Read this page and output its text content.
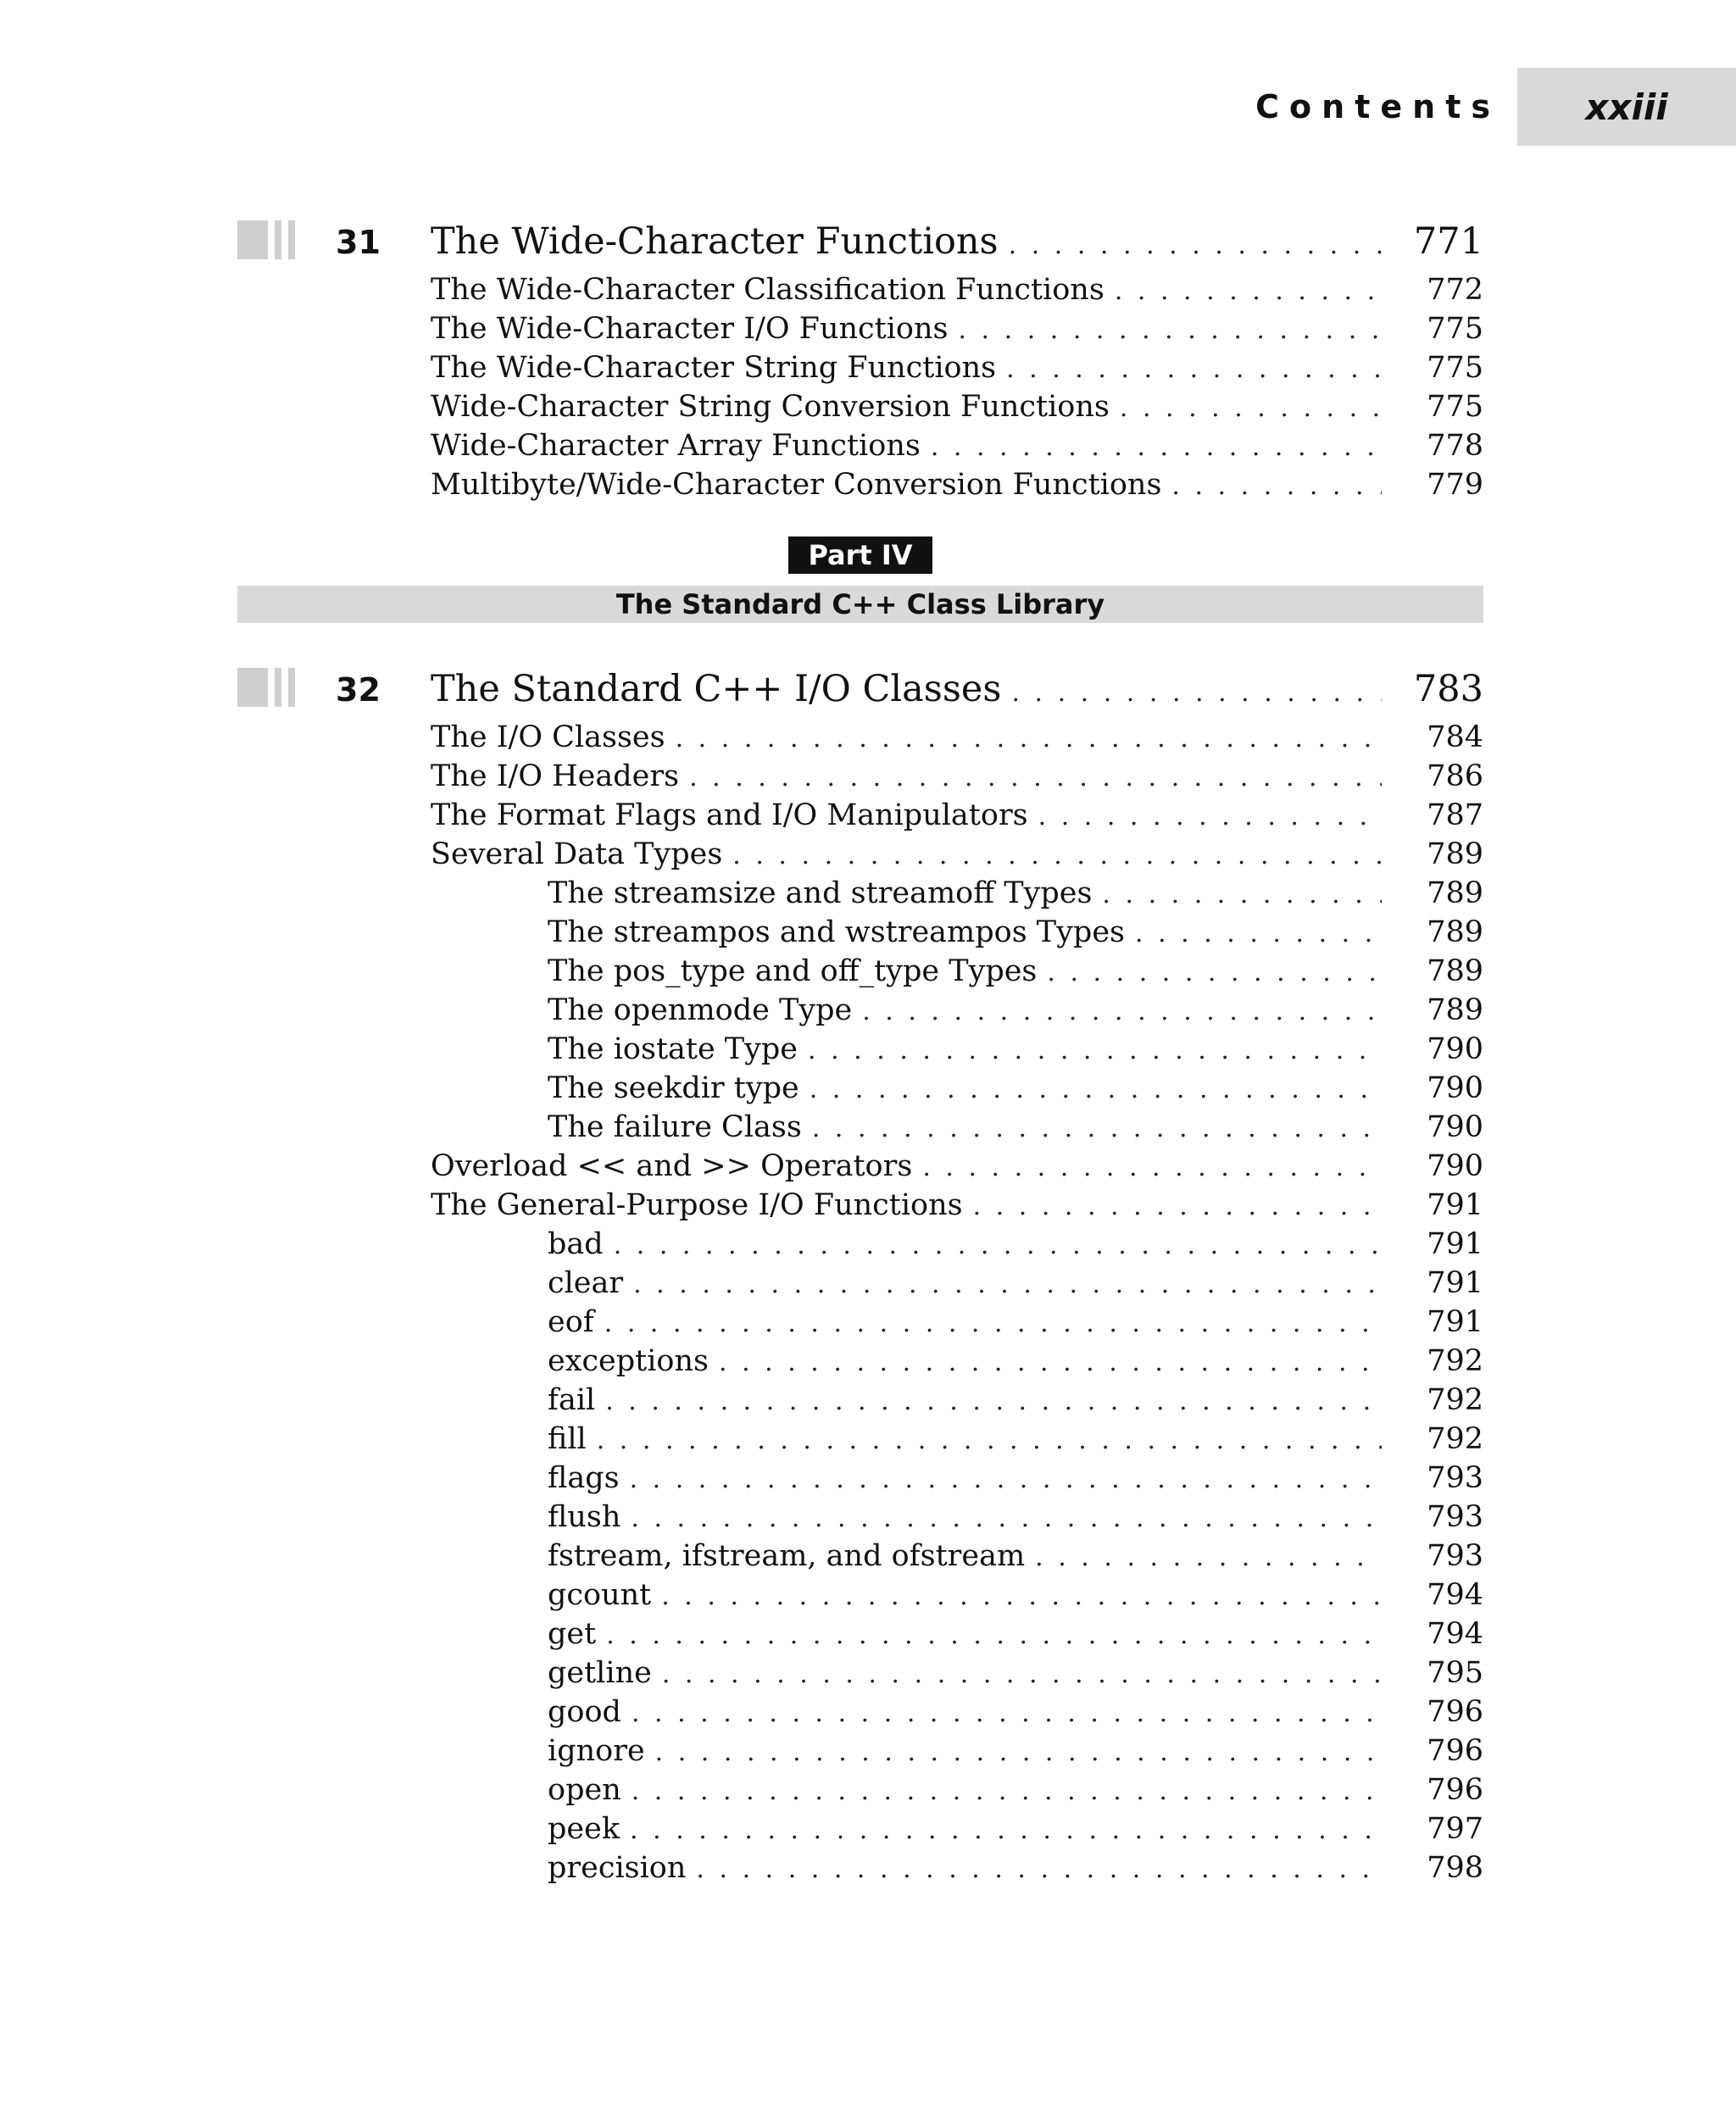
Contents	xxiii
31 The Wide-Character Functions . . .	771
The Wide-Character Classification Functions . . .	772
The Wide-Character I/O Functions . . .	775
The Wide-Character String Functions . . .	775
Wide-Character String Conversion Functions . . .	775
Wide-Character Array Functions . . .	778
Multibyte/Wide-Character Conversion Functions . . .	779
Part IV
The Standard C++ Class Library
32 The Standard C++ I/O Classes . . .	783
The I/O Classes . . .	784
The I/O Headers . . .	786
The Format Flags and I/O Manipulators . . .	787
Several Data Types . . .	789
The streamsize and streamoff Types . . .	789
The streampos and wstreampos Types . . .	789
The pos_type and off_type Types . . .	789
The openmode Type . . .	789
The iostate Type . . .	790
The seekdir type . . .	790
The failure Class . . .	790
Overload << and >> Operators . . .	790
The General-Purpose I/O Functions . . .	791
bad . . .	791
clear . . .	791
eof . . .	791
exceptions . . .	792
fail . . .	792
fill . . .	792
flags . . .	793
flush . . .	793
fstream, ifstream, and ofstream . . .	793
gcount . . .	794
get . . .	794
getline . . .	795
good . . .	796
ignore . . .	796
open . . .	796
peek . . .	797
precision . . .	798
